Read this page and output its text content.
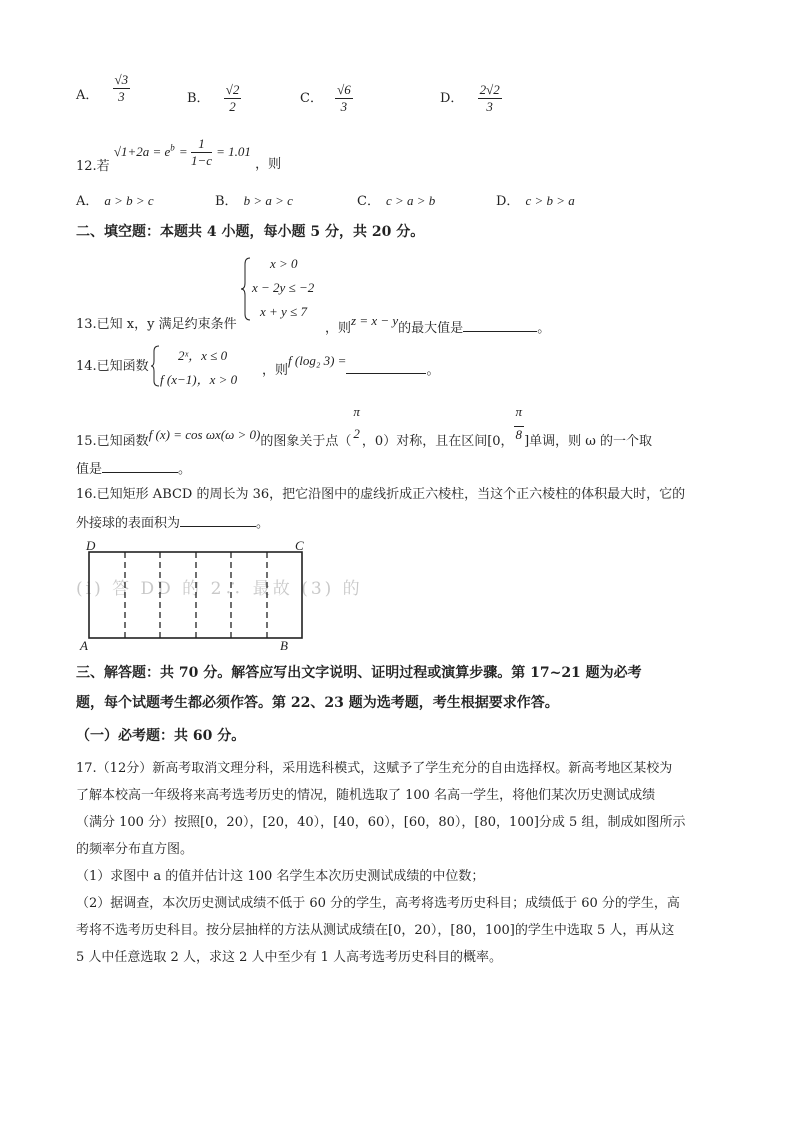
A． $\frac{√3}{3}$	B． $\frac{√2}{2}$	C． $\frac{√6}{3}$	D． $\frac{2√2}{3}$
12.若 $√1+2a = e^b = \frac{1}{1-c} = 1.01$ ，则
A． a > b > c	B． b > a > c	C． c > a > b	D． c > b > a
二、填空题：本题共 4 小题，每小题 5 分，共 20 分。
x > 0
x − 2y ≤ −2
x + y ≤ 7
13.已知 x，y 满足约束条件	，则z = x − y的最大值是	。
14.已知函数
2ˣ，x ≤ 0
f (x−1)，x > 0
，则f (log₂ 3) =。
15.已知函数f (x) = cos ωx(ω > 0)的图象关于点（
π
2
，0）对称，且在区间[0， $\frac{\pi}{8}$ ]单调，则 ω 的一个取
值是	。
16.已知矩形 ABCD 的周长为 36，把它沿图中的虚线折成正六棱柱，当这个正六棱柱的体积最大时，它的
外接球的表面积为	。
(i) 答 DD 的 2∴ 最故 (3) 的
D	C
A	B
三、解答题：共 70 分。解答应写出文字说明、证明过程或演算步骤。第 17~21 题为必考
题，每个试题考生都必须作答。第 22、23 题为选考题，考生根据要求作答。
（一）必考题：共 60 分。
17.（12分）新高考取消文理分科，采用选科模式，这赋予了学生充分的自由选择权。新高考地区某校为
了解本校高一年级将来高考选考历史的情况，随机选取了 100 名高一学生，将他们某次历史测试成绩
（满分 100 分）按照[0，20），[20，40），[40，60），[60，80），[80，100]分成 5 组，制成如图所示
的频率分布直方图。
（1）求图中 a 的值并估计这 100 名学生本次历史测试成绩的中位数；
（2）据调查，本次历史测试成绩不低于 60 分的学生，高考将选考历史科目；成绩低于 60 分的学生，高
考将不选考历史科目。按分层抽样的方法从测试成绩在[0，20），[80，100]的学生中选取 5 人，再从这
5 人中任意选取 2 人，求这 2 人中至少有 1 人高考选考历史科目的概率。
